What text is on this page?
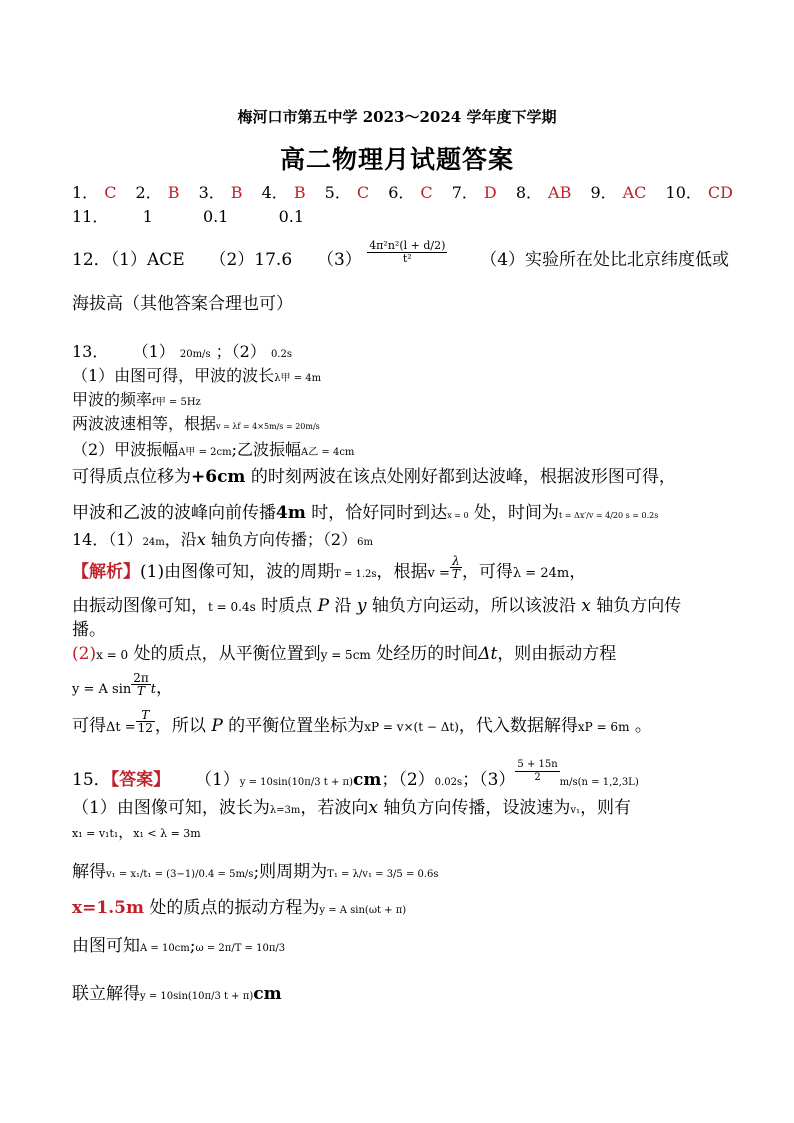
梅河口市第五中学 2023～2024 学年度下学期
高二物理月试题答案
1． C 2． B 3． B 4． B 5． C 6． C 7． D 8． AB 9． AC 10． CD
11． 1	0.1	0.1
12．（1）ACE （2）17.6 $(3) \frac{\text{4π²n²(l + d/2)}}{\text{t²}} (4)$实验所在处比北京纬度低或
海拔高（其他答案合理也可）
13． （1） 20m/s ；（2） 0.2s
（1）由图可得，甲波的波长λ甲 = 4m
甲波的频率f甲 = 5Hz
两波波速相等，根据v = λf = 4×5m/s = 20m/s
（2）甲波振幅A甲 = 2cm;乙波振幅A乙 = 4cm
可得质点位移为+6cm 的时刻两波在该点处刚好都到达波峰，根据波形图可得，
甲波和乙波的波峰向前传播4m 时，恰好同时到达x = 0 处，时间为t = Δx′/v = 4/20 s = 0.2s
14．（1）24m，沿x 轴负方向传播；（2）6m
【解析】(1)由图像可知，波的周期T = 1.2s，根据$v = \frac{\lambda}{T}$ ，可得λ = 24m，
由振动图像可知，t = 0.4s 时质点 P 沿 y 轴负方向运动，所以该波沿 x 轴负方向传
播。
(2)x = 0 处的质点，从平衡位置到y = 5cm 处经历的时间Δt，则由振动方程
y = A $\sin \frac{2\pi}{T}$ t，
可得$\Delta t = \frac{T}{12}$ ，所以 P 的平衡位置坐标为xP = v×(t − Δt)，代入数据解得xP = 6m 。
15．【答案】 （1）y = 10sin(10π/3 t + π)cm；（2）0.02s；$(3) \frac{5 + 15n}{2} m/s(n = 1,2,3L)$
（1）由图像可知，波长为λ=3m，若波向x 轴负方向传播，设波速为v₁，则有
x₁ = v₁t₁，x₁ < λ = 3m
解得v₁ = x₁/t₁ = (3−1)/0.4 = 5m/s;则周期为T₁ = λ/v₁ = 3/5 = 0.6s
x=1.5m 处的质点的振动方程为y = A sin(ωt + π)
由图可知A = 10cm;ω = 2π/T = 10π/3
联立解得y = 10sin(10π/3 t + π)cm
